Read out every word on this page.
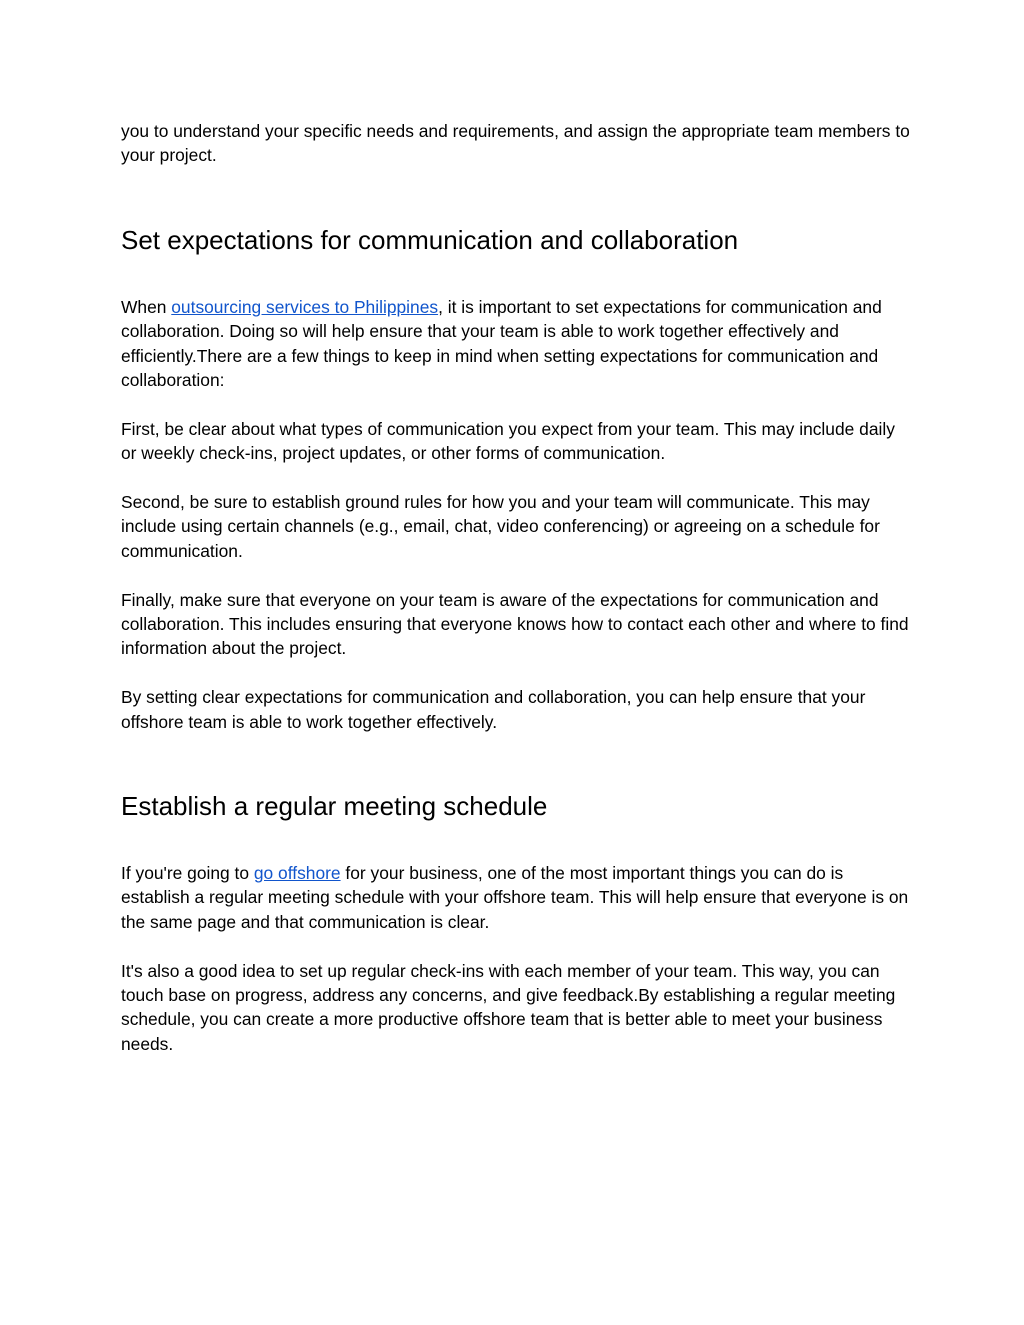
you to understand your specific needs and requirements, and assign the appropriate team members to your project.

Set expectations for communication and collaboration

When outsourcing services to Philippines, it is important to set expectations for communication and collaboration. Doing so will help ensure that your team is able to work together effectively and efficiently.There are a few things to keep in mind when setting expectations for communication and collaboration:

First, be clear about what types of communication you expect from your team. This may include daily or weekly check-ins, project updates, or other forms of communication.

Second, be sure to establish ground rules for how you and your team will communicate. This may include using certain channels (e.g., email, chat, video conferencing) or agreeing on a schedule for communication.

Finally, make sure that everyone on your team is aware of the expectations for communication and collaboration. This includes ensuring that everyone knows how to contact each other and where to find information about the project.

By setting clear expectations for communication and collaboration, you can help ensure that your offshore team is able to work together effectively.

Establish a regular meeting schedule

If you're going to go offshore for your business, one of the most important things you can do is establish a regular meeting schedule with your offshore team. This will help ensure that everyone is on the same page and that communication is clear.

It's also a good idea to set up regular check-ins with each member of your team. This way, you can touch base on progress, address any concerns, and give feedback.By establishing a regular meeting schedule, you can create a more productive offshore team that is better able to meet your business needs.
